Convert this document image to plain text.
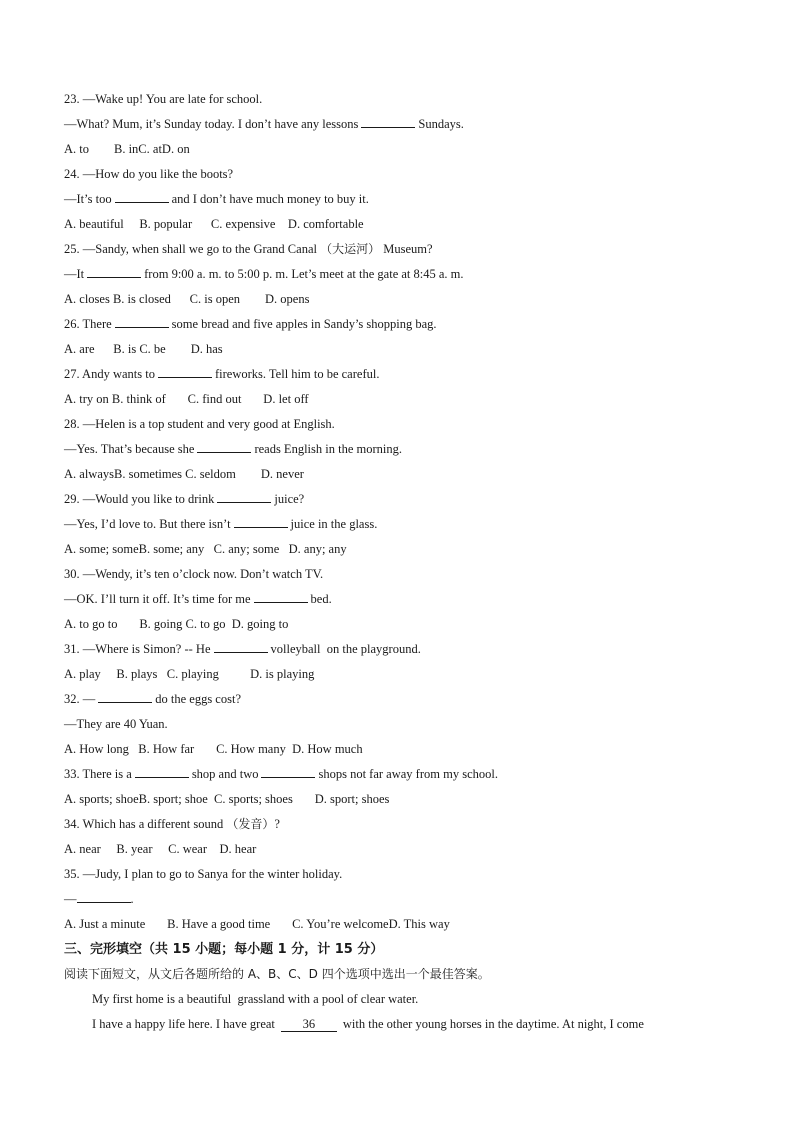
23. —Wake up! You are late for school.
—What? Mum, it’s Sunday today. I don’t have any lessons	Sundays.
A. to        B. inC. atD. on
24. —How do you like the boots?
—It’s too	and I don’t have much money to buy it.
A. beautiful     B. popular      C. expensive    D. comfortable
25. —Sandy, when shall we go to the Grand Canal （大运河） Museum?
—It	from 9:00 a. m. to 5:00 p. m. Let’s meet at the gate at 8:45 a. m.
A. closes B. is closed      C. is open        D. opens
26. There	some bread and five apples in Sandy’s shopping bag.
A. are      B. is C. be        D. has
27. Andy wants to	fireworks. Tell him to be careful.
A. try on B. think of       C. find out       D. let off
28. —Helen is a top student and very good at English.
—Yes. That’s because she	reads English in the morning.
A. alwaysB. sometimes C. seldom        D. never
29. —Would you like to drink	juice?
—Yes, I’d love to. But there isn’t	juice in the glass.
A. some; someB. some; any   C. any; some   D. any; any
30. —Wendy, it’s ten o’clock now. Don’t watch TV.
—OK. I’ll turn it off. It’s time for me	bed.
A. to go to       B. going C. to go  D. going to
31. —Where is Simon? -- He	volleyball  on the playground.
A. play     B. plays   C. playing          D. is playing
32. —	do the eggs cost?
—They are 40 Yuan.
A. How long   B. How far       C. How many  D. How much
33. There is a	shop and two	shops not far away from my school.
A. sports; shoeB. sport; shoe  C. sports; shoes       D. sport; shoes
34. Which has a different sound （发音）?
A. near     B. year     C. wear    D. hear
35. —Judy, I plan to go to Sanya for the winter holiday.
—	.
A. Just a minute       B. Have a good time       C. You’re welcomeD. This way
三、完形填空（共 15 小题；每小题 1 分，计 15 分）
阅读下面短文，从文后各题所给的 A、B、C、D 四个选项中选出一个最佳答案。
My first home is a beautiful  grassland with a pool of clear water.
I have a happy life here. I have great 36 with the other young horses in the daytime. At night, I come
